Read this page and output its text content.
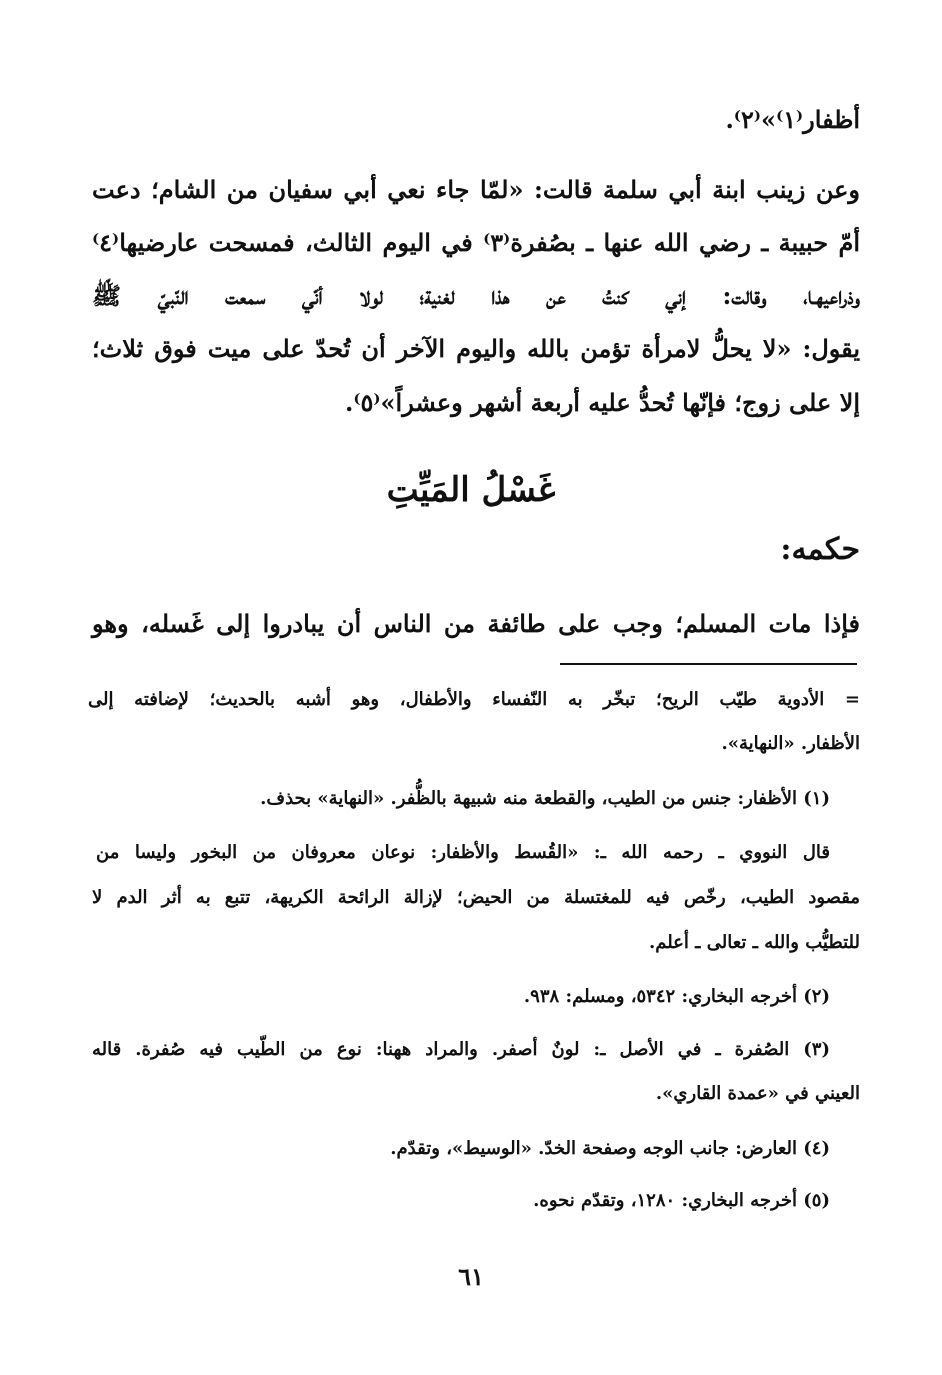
أظفار⁽١⁾»⁽٢⁾.
وعن زينب ابنة أبي سلمة قالت: «لمّا جاء نعي أبي سفيان من الشام؛ دعت
أمّ حبيبة ـ رضي الله عنها ـ بصُفرة⁽٣⁾ في اليوم الثالث، فمسحت عارضيها⁽٤⁾
وذراعيهـا، وقالت: إني كنتُ عن هذا لغنية؛ لولا أنّي سمعت النّبيّ ﷺ
يقول: «لا يحلُّ لامرأة تؤمن بالله واليوم الآخر أن تُحدّ على ميت فوق ثلاث؛
إلا على زوج؛ فإنّها تُحدُّ عليه أربعة أشهر وعشراً»⁽٥⁾.
غَسْلُ المَيِّتِ
حكمه:
فإذا مات المسلم؛ وجب على طائفة من الناس أن يبادروا إلى غَسله، وهو
= الأدوية طيّب الريح؛ تبخّر به النّفساء والأطفال، وهو أشبه بالحديث؛ لإضافته إلى
الأظفار. «النهاية».
(١) الأظفار: جنس من الطيب، والقطعة منه شبيهة بالظُّفر. «النهاية» بحذف.
قال النووي ـ رحمه الله ـ: «القُسط والأظفار: نوعان معروفان من البخور وليسا من
مقصود الطيب، رخّص فيه للمغتسلة من الحيض؛ لإزالة الرائحة الكريهة، تتبع به أثر الدم لا
للتطيُّب والله ـ تعالى ـ أعلم.
(٢) أخرجه البخاري: ٥٣٤٢، ومسلم: ٩٣٨.
(٣) الصُفرة ـ في الأصل ـ: لونٌ أصفر. والمراد ههنا: نوع من الطّيب فيه صُفرة. قاله
العيني في «عمدة القاري».
(٤) العارض: جانب الوجه وصفحة الخدّ. «الوسيط»، وتقدّم.
(٥) أخرجه البخاري: ١٢٨٠، وتقدّم نحوه.
٦١
